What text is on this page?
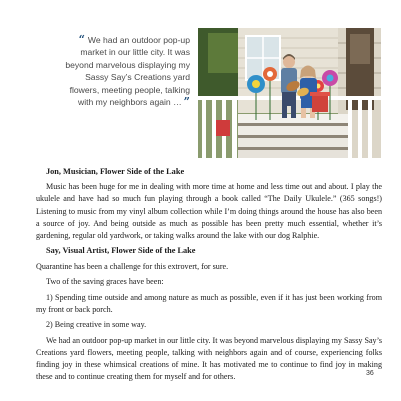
“ We had an outdoor pop-up market in our little city. It was beyond marvelous displaying my Sassy Say’s Creations yard flowers, meeting people, talking with my neighbors again … ”

Jon, Musician, Flower Side of the Lake

Music has been huge for me in dealing with more time at home and less time out and about. I play the ukulele and have had so much fun playing through a book called “The Daily Ukulele.” (365 songs!) Listening to music from my vinyl album collection while I’m doing things around the house has also been a source of joy. And being outside as much as possible has been pretty much essential, whether it’s gardening, regular old yardwork, or taking walks around the lake with our dog Ralphie.

Say, Visual Artist, Flower Side of the Lake

Quarantine has been a challenge for this extrovert, for sure.

Two of the saving graces have been:

1) Spending time outside and among nature as much as possible, even if it has just been working from my front or back porch.

2) Being creative in some way.

We had an outdoor pop-up market in our little city. It was beyond marvelous displaying my Sassy Say’s Creations yard flowers, meeting people, talking with neighbors again and of course, experiencing folks finding joy in these whimsical creations of mine. It has motivated me to continue to find joy in making these and to continue creating them for myself and for others.	36
